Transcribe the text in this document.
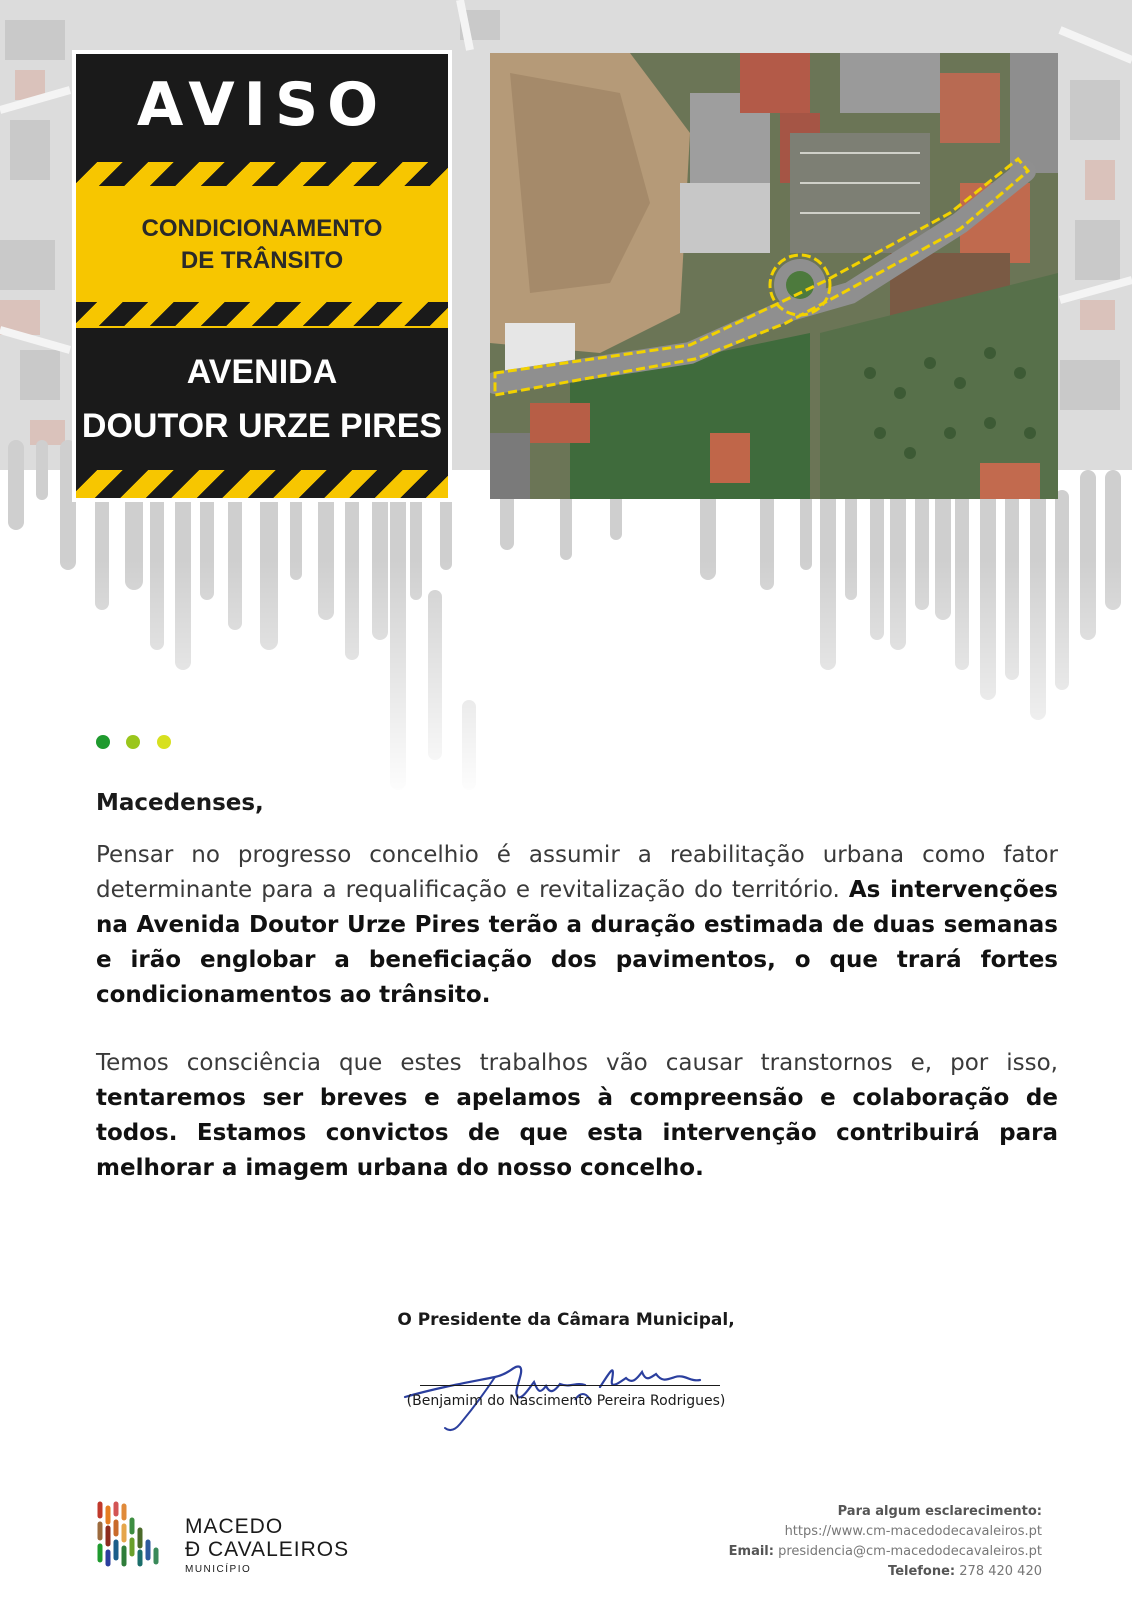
AVISO
CONDICIONAMENTO
DE TRÂNSITO
AVENIDA
DOUTOR URZE PIRES
Macedenses,
Pensar no progresso concelhio é assumir a reabilitação urbana como fator determinante para a requalificação e revitalização do território. As intervenções na Avenida Doutor Urze Pires terão a duração estimada de duas semanas e irão englobar a beneficiação dos pavimentos, o que trará fortes condicionamentos ao trânsito.
Temos consciência que estes trabalhos vão causar transtornos e, por isso, tentaremos ser breves e apelamos à compreensão e colaboração de todos. Estamos convictos de que esta intervenção contribuirá para melhorar a imagem urbana do nosso concelho.
O Presidente da Câmara Municipal,
(Benjamim do Nascimento Pereira Rodrigues)
MACEDO
Đ CAVALEIROS
MUNICÍPIO
Para algum esclarecimento:
https://www.cm-macedodecavaleiros.pt
Email: presidencia@cm-macedodecavaleiros.pt
Telefone: 278 420 420
